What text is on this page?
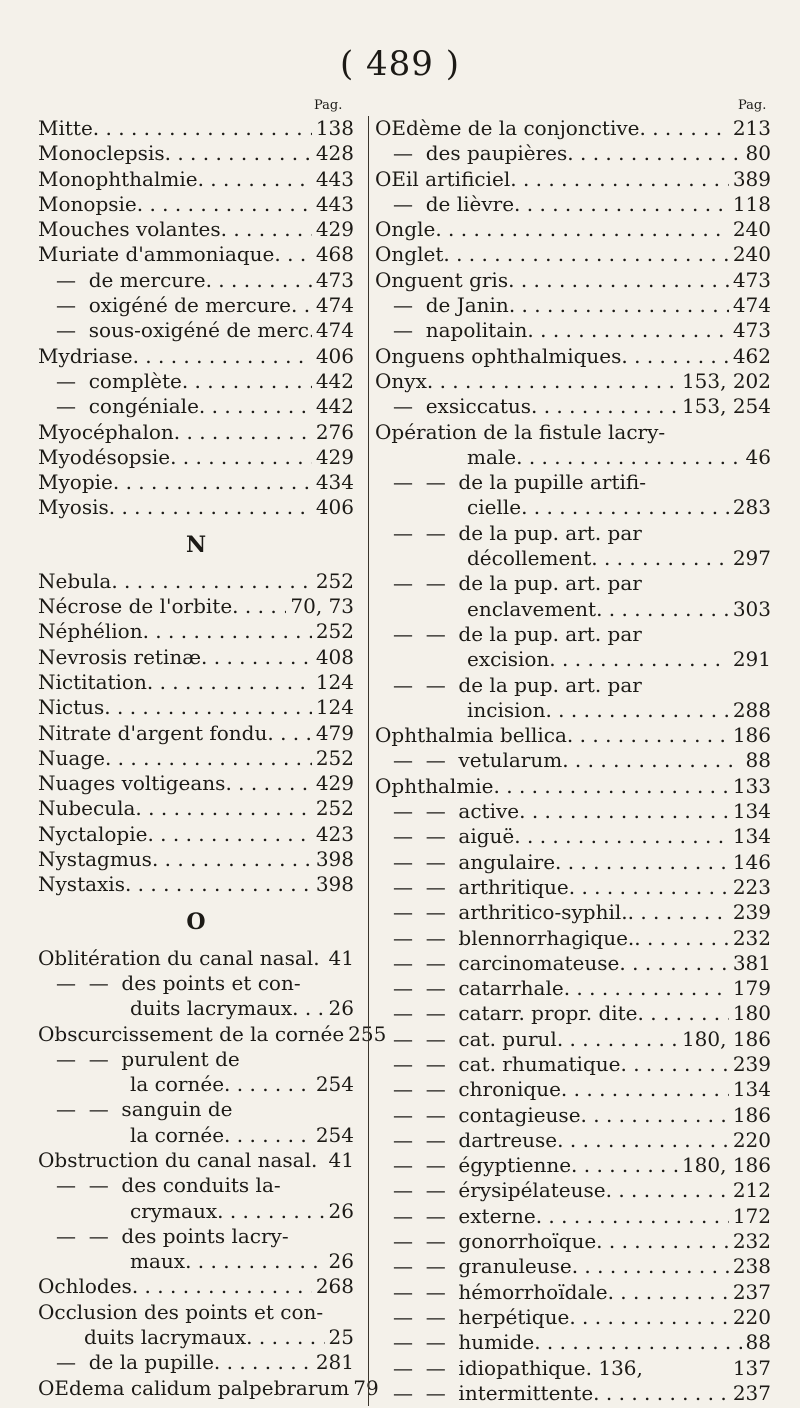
( 489 )
Pag.	Pag.
Mitte . . .	138
Monoclepsis . . .	428
Monophthalmie . . .	443
Monopsie . . .	443
Mouches volantes . . .	429
Muriate d'ammoniaque . . . 468
—  de mercure . . .	473
—  oxigéné de mercure . . . 474
—  sous-oxigéné de merc . . . 474
Mydriase . . .	406
—  complète . . .	442
—  congéniale . . .	442
Myocéphalon . . .	276
Myodésopsie . . .	429
Myopie . . .	434
Myosis . . .	406
N
Nebula . . .	252
Nécrose de l'orbite . . .	70, 73
Néphélion . . .	252
Nevrosis retinæ . . .	408
Nictitation . . .	124
Nictus . . .	124
Nitrate d'argent fondu . . . 479
Nuage . . .	252
Nuages voltigeans . . .	429
Nubecula . . .	252
Nyctalopie . . .	423
Nystagmus . . .	398
Nystaxis . . .	398
O
Oblitération du canal nasal . . . 41
—  —  des points et con-
duits lacrymaux . . . 26
Obscurcissement de la cornée 255
—  —  purulent de
la cornée . . .	254
—  —  sanguin de
la cornée . . .	254
Obstruction du canal nasal . . . 41
—  —  des conduits la-
crymaux . . .	26
—  —  des points lacry-
maux . . .	26
Ochlodes . . .	268
Occlusion des points et con-
duits lacrymaux . . .	25
—  de la pupille . . .	281
OEdema calidum palpebrarum 79
OEdème de la conjonctive . . .	213
—  des paupières . . .	80
OEil artificiel . . .	389
—  de lièvre . . .	118
Ongle . . .	240
Onglet . . .	240
Onguent gris . . .	473
—  de Janin . . .	474
—  napolitain . . .	473
Onguens ophthalmiques . . .	462
Onyx . . .	153, 202
—  exsiccatus . . .	153, 254
Opération de la fistule lacry-
male . . .	46
—  —  de la pupille artifi-
cielle . . .	283
—  —  de la pup. art. par
décollement . . .	297
—  —  de la pup. art. par
enclavement . . .	303
—  —  de la pup. art. par
excision . . .	291
—  —  de la pup. art. par
incision . . .	288
Ophthalmia bellica . . .	186
—  —  vetularum . . .	88
Ophthalmie . . .	133
—  —  active . . .	134
—  —  aiguë . . .	134
—  —  angulaire . . .	146
—  —  arthritique . . .	223
—  —  arthritico-syphil. . . .	239
—  —  blennorrhagique. . . .	232
—  —  carcinomateuse . . .	381
—  —  catarrhale . . .	179
—  —  catarr. propr. dite . . .	180
—  —  cat. purul . . .	180, 186
—  —  cat. rhumatique . . .	239
—  —  chronique . . .	134
—  —  contagieuse . . .	186
—  —  dartreuse . . .	220
—  —  égyptienne . . .	180, 186
—  —  érysipélateuse . . .	212
—  —  externe . . .	172
—  —  gonorrhoïque . . .	232
—  —  granuleuse . . .	238
—  —  hémorrhoïdale . . .	237
—  —  herpétique . . .	220
—  —  humide . . .	88
—  —  idiopathique. 136,	137
—  —  intermittente . . .	237
